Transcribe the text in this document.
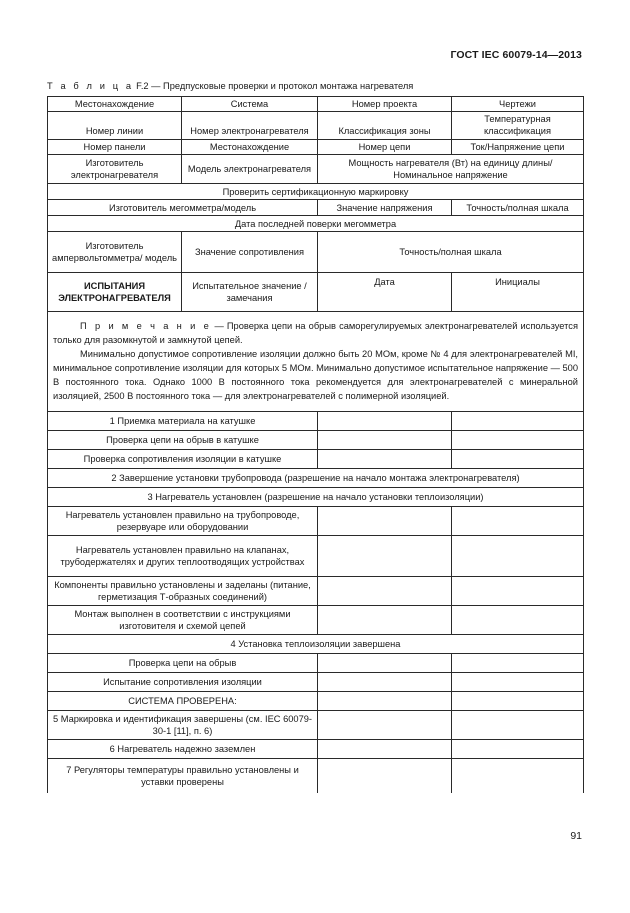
ГОСТ IEC 60079-14—2013
Т а б л и ц а F.2 — Предпусковые проверки и протокол монтажа нагревателя
Местонахождение	Система	Номер проекта	Чертежи
Номер линии	Номер электронагревателя	Классификация зоны	Температурная классификация
Номер панели	Местонахождение	Номер цепи	Ток/Напряжение цепи
Изготовитель электронагревателя	Модель электронагревателя	Мощность нагревателя (Вт) на единицу длины/Номинальное напряжение	
Проверить сертификационную маркировку			
Изготовитель мегомметра/модель		Значение напряжения	Точность/полная шкала
Дата последней поверки мегомметра			
Изготовитель ампервольтомметра/ модель	Значение сопротивления	Точность/полная шкала	
ИСПЫТАНИЯ ЭЛЕКТРОНАГРЕВАТЕЛЯ	Испытательное значение /замечания	Дата	Инициалы

П р и м е ч а н и е — Проверка цепи на обрыв саморегулируемых электронагревателей используется только для разомкнутой и замкнутой цепей.

Минимально допустимое сопротивление изоляции должно быть 20 МОм, кроме № 4 для электронагревателей MI, минимальное сопротивление изоляции для которых 5 МОм. Минимально допустимое испытательное напряжение — 500 В постоянного тока. Однако 1000 В постоянного тока рекомендуется для электронагревателей с минеральной изоляцией, 2500 В постоянного тока — для электронагревателей с полимерной изоляцией.			

1 Приемка материала на катушке			
Проверка цепи на обрыв в катушке			
Проверка сопротивления изоляции в катушке			
2 Завершение установки трубопровода (разрешение на начало монтажа электронагревателя)			
3 Нагреватель установлен (разрешение на начало установки теплоизоляции)			
Нагреватель установлен правильно на трубопроводе, резервуаре или оборудовании			
Нагреватель установлен правильно на клапанах, трубодержателях и других теплоотводящих устройствах			
Компоненты правильно установлены и заделаны (питание, герметизация Т-образных соединений)			
Монтаж выполнен в соответствии с инструкциями изготовителя и схемой цепей			
4 Установка теплоизоляции завершена			
Проверка цепи на обрыв			
Испытание сопротивления изоляции			
СИСТЕМА ПРОВЕРЕНА:			
5 Маркировка и идентификация завершены (см. IEC 60079-30-1 [11], п. 6)			
6 Нагреватель надежно заземлен			
7 Регуляторы температуры правильно установлены и уставки проверены			
91
